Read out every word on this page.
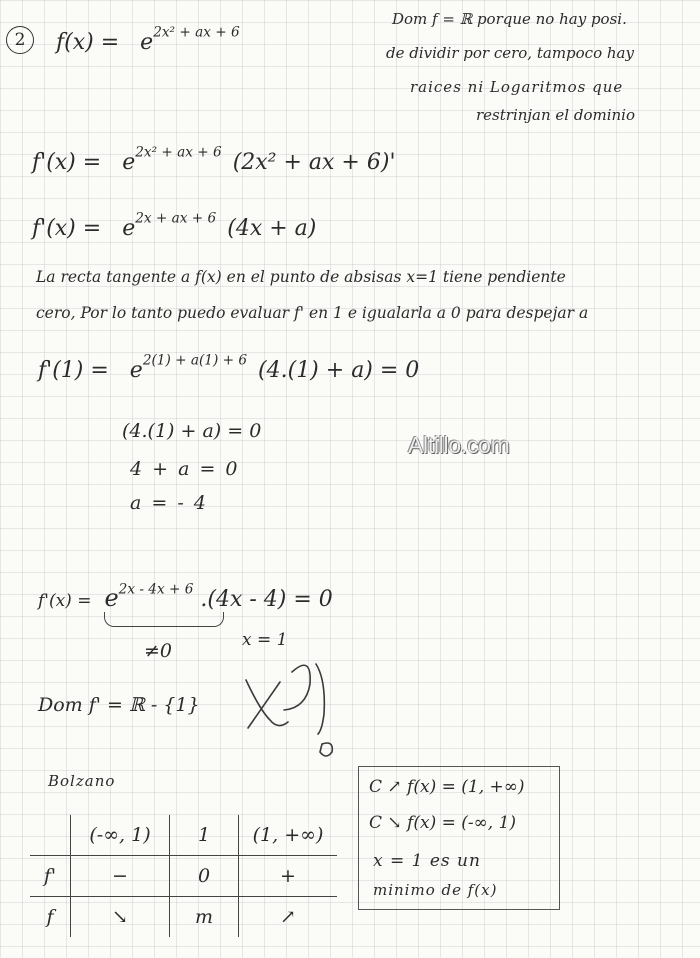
2	$f(x) = e^{2x^2 + ax + 6}$
Dom f = ℝ porque no hay posi.
de dividir por cero, tampoco hay
raices ni Logaritmos que
restrinjan el dominio
$f'(x) = e^{2x^2 + ax + 6}$ (2x² + ax + 6)'
$f'(x) = e^{2x + ax + 6}$ (4x + a)
La recta tangente a f(x) en el punto de absisas x=1 tiene pendiente
cero, Por lo tanto puedo evaluar f' en 1 e igualarla a 0 para despejar a
$f'(1) = e^{2(1) + a(1) + 6}$ (4.(1) + a) = 0
(4.(1) + a) = 0
4 + a = 0
a = - 4
Altillo.com
$f'(x) = e^{2x - 4x + 6}$ .(4x - 4) = 0
≠0	x = 1
Dom f' = ℝ - {1}
Bolzano
	(-∞, 1)	1	(1, +∞)
f'	−	0	+
f	↘	m	↗
C ↗ f(x) = (1, +∞)
C ↘ f(x) = (-∞, 1)
x = 1 es un
minimo de f(x)
